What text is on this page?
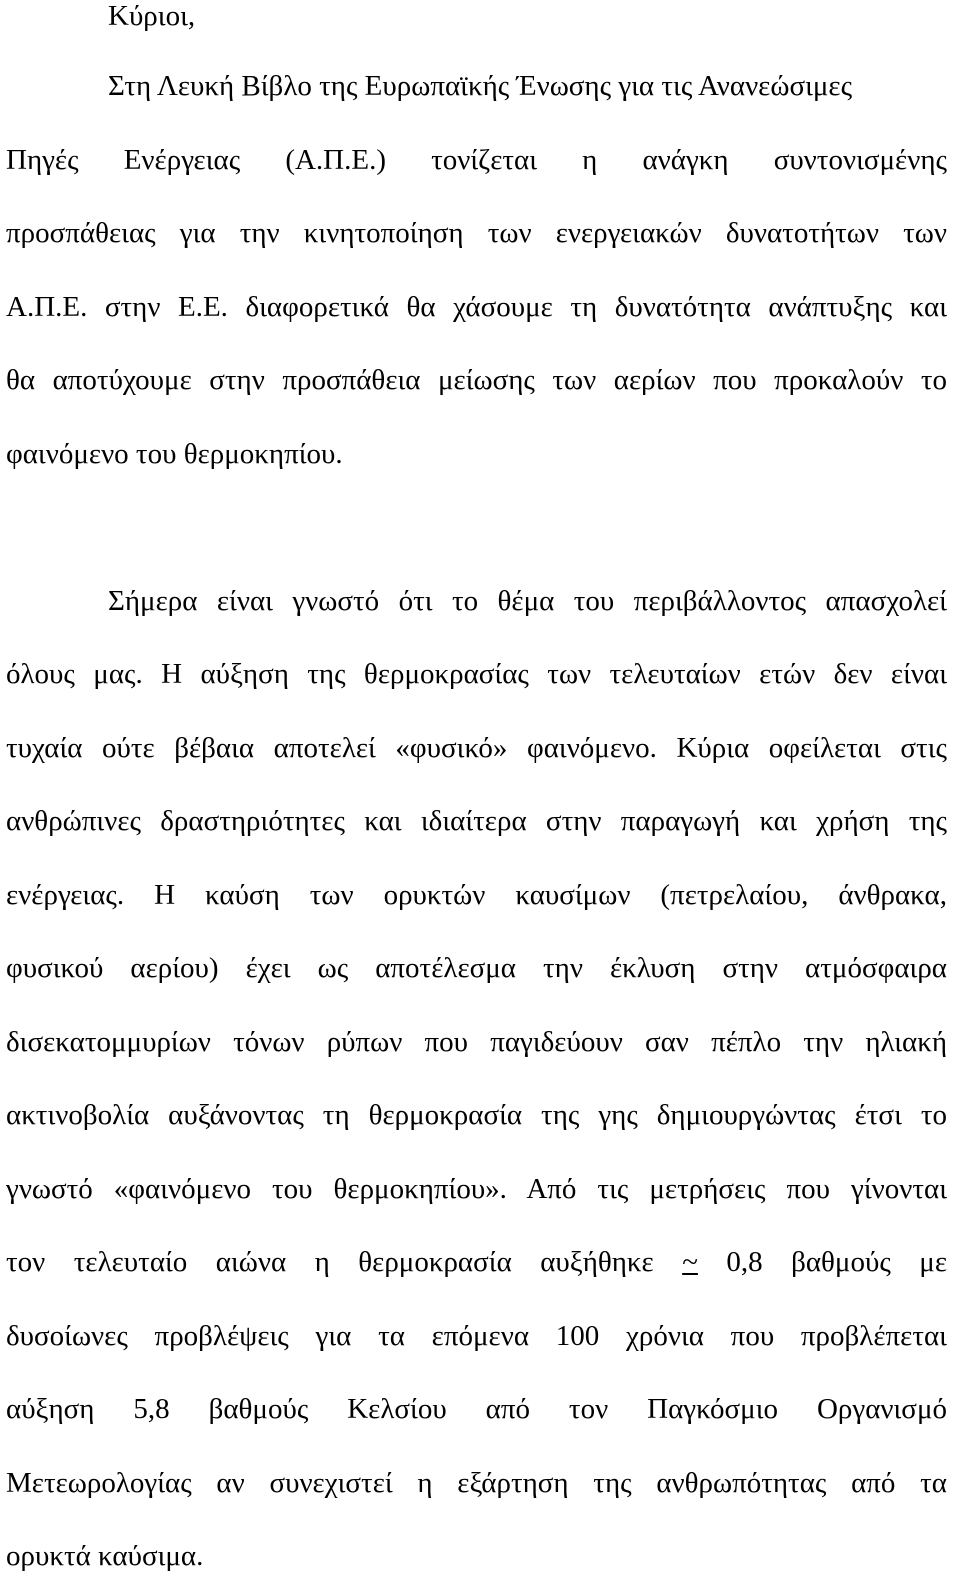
Κύριοι,
Στη Λευκή Βίβλο της Ευρωπαϊκής Ένωσης για τις Ανανεώσιμες
Πηγές Ενέργειας (Α.Π.Ε.) τονίζεται η ανάγκη συντονισμένης
προσπάθειας για την κινητοποίηση των ενεργειακών δυνατοτήτων των
Α.Π.Ε. στην Ε.Ε. διαφορετικά θα χάσουμε τη δυνατότητα ανάπτυξης και
θα αποτύχουμε στην προσπάθεια μείωσης των αερίων που προκαλούν το
φαινόμενο του θερμοκηπίου.
Σήμερα είναι γνωστό ότι το θέμα του περιβάλλοντος απασχολεί
όλους μας. Η αύξηση της θερμοκρασίας των τελευταίων ετών δεν είναι
τυχαία ούτε βέβαια αποτελεί «φυσικό» φαινόμενο. Κύρια οφείλεται στις
ανθρώπινες δραστηριότητες και ιδιαίτερα στην παραγωγή και χρήση της
ενέργειας. Η καύση των ορυκτών καυσίμων (πετρελαίου, άνθρακα,
φυσικού αερίου) έχει ως αποτέλεσμα την έκλυση στην ατμόσφαιρα
δισεκατομμυρίων τόνων ρύπων που παγιδεύουν σαν πέπλο την ηλιακή
ακτινοβολία αυξάνοντας τη θερμοκρασία της γης δημιουργώντας έτσι το
γνωστό «φαινόμενο του θερμοκηπίου». Από τις μετρήσεις που γίνονται
τον τελευταίο αιώνα η θερμοκρασία αυξήθηκε ~ 0,8 βαθμούς με
δυσοίωνες προβλέψεις για τα επόμενα 100 χρόνια που προβλέπεται
αύξηση 5,8 βαθμούς Κελσίου από τον Παγκόσμιο Οργανισμό
Μετεωρολογίας αν συνεχιστεί η εξάρτηση της ανθρωπότητας από τα
ορυκτά καύσιμα.
